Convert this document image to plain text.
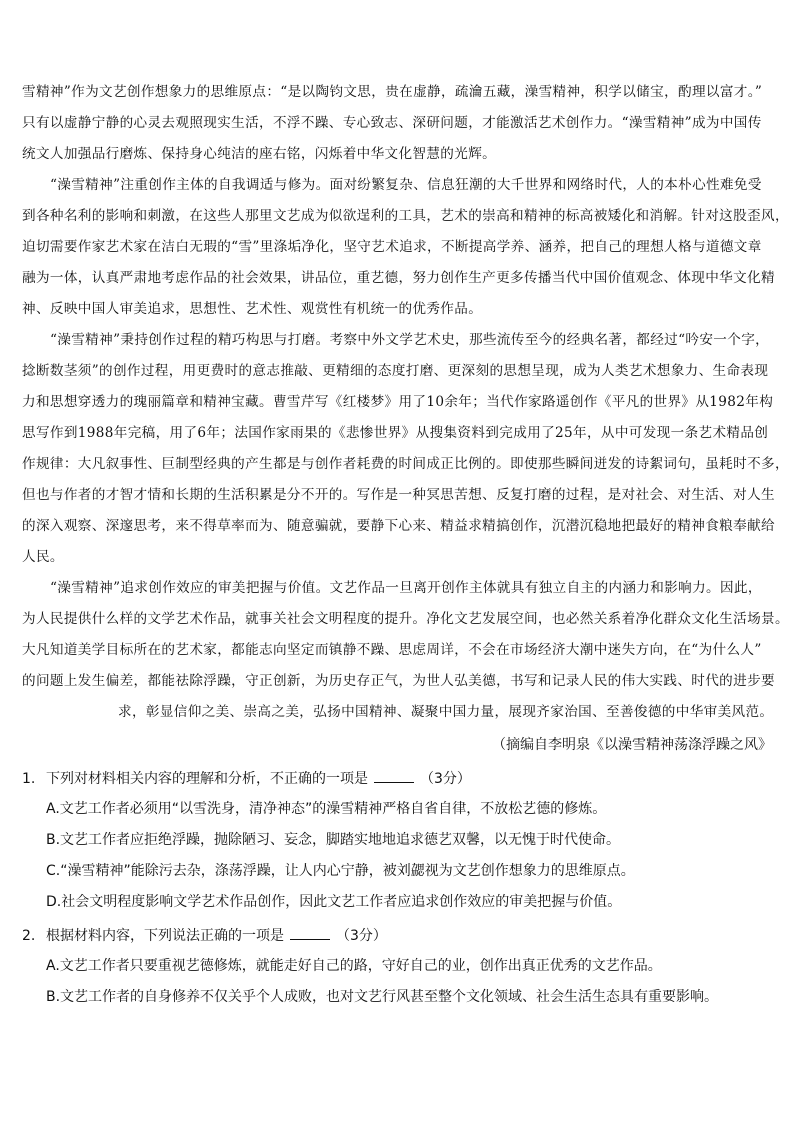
雪精神”作为文艺创作想象力的思维原点：“是以陶钧文思，贵在虚静，疏瀹五藏，澡雪精神，积学以储宝，酌理以富才。”
只有以虚静宁静的心灵去观照现实生活，不浮不躁、专心致志、深研问题，才能激活艺术创作力。“澡雪精神”成为中国传
统文人加强品行磨炼、保持身心纯洁的座右铭，闪烁着中华文化智慧的光辉。
“澡雪精神”注重创作主体的自我调适与修为。面对纷繁复杂、信息狂潮的大千世界和网络时代，人的本朴心性难免受
到各种名利的影响和刺激，在这些人那里文艺成为似欲逞利的工具，艺术的崇高和精神的标高被矮化和消解。针对这股歪风，
迫切需要作家艺术家在洁白无瑕的“雪”里涤垢净化，坚守艺术追求，不断提高学养、涵养，把自己的理想人格与道德文章
融为一体，认真严肃地考虑作品的社会效果，讲品位，重艺德，努力创作生产更多传播当代中国价值观念、体现中华文化精
神、反映中国人审美追求，思想性、艺术性、观赏性有机统一的优秀作品。
“澡雪精神”秉持创作过程的精巧构思与打磨。考察中外文学艺术史，那些流传至今的经典名著，都经过“吟安一个字，
捻断数茎须”的创作过程，用更费时的意志推敲、更精细的态度打磨、更深刻的思想呈现，成为人类艺术想象力、生命表现
力和思想穿透力的瑰丽篇章和精神宝藏。曹雪芹写《红楼梦》用了10余年；当代作家路遥创作《平凡的世界》从1982年构
思写作到1988年完稿，用了6年；法国作家雨果的《悲惨世界》从搜集资料到完成用了25年，从中可发现一条艺术精品创
作规律：大凡叙事性、巨制型经典的产生都是与创作者耗费的时间成正比例的。即使那些瞬间迸发的诗絮词句，虽耗时不多，
但也与作者的才智才情和长期的生活积累是分不开的。写作是一种冥思苦想、反复打磨的过程，是对社会、对生活、对人生
的深入观察、深邃思考，来不得草率而为、随意骗就，要静下心来、精益求精搞创作，沉潜沉稳地把最好的精神食粮奉献给
人民。
“澡雪精神”追求创作效应的审美把握与价值。文艺作品一旦离开创作主体就具有独立自主的内涵力和影响力。因此，
为人民提供什么样的文学艺术作品，就事关社会文明程度的提升。净化文艺发展空间，也必然关系着净化群众文化生活场景。
大凡知道美学目标所在的艺术家，都能志向坚定而镇静不躁、思虑周详，不会在市场经济大潮中迷失方向，在“为什么人”
的问题上发生偏差，都能祛除浮躁，守正创新，为历史存正气，为世人弘美德，书写和记录人民的伟大实践、时代的进步要
求，彰显信仰之美、崇高之美，弘扬中国精神、凝聚中国力量，展现齐家治国、至善俊德的中华审美风范。
（摘编自李明泉《以澡雪精神荡涤浮躁之风》
1. 下列对材料相关内容的理解和分析，不正确的一项是	（3分）
A.文艺工作者必须用“以雪洗身，清净神态”的澡雪精神严格自省自律，不放松艺德的修炼。
B.文艺工作者应拒绝浮躁，抛除陋习、妄念，脚踏实地地追求德艺双馨，以无愧于时代使命。
C.“澡雪精神”能除污去杂，涤荡浮躁，让人内心宁静，被刘勰视为文艺创作想象力的思维原点。
D.社会文明程度影响文学艺术作品创作，因此文艺工作者应追求创作效应的审美把握与价值。
2. 根据材料内容，下列说法正确的一项是	（3分）
A.文艺工作者只要重视艺德修炼，就能走好自己的路，守好自己的业，创作出真正优秀的文艺作品。
B.文艺工作者的自身修养不仅关乎个人成败，也对文艺行风甚至整个文化领域、社会生活生态具有重要影响。
